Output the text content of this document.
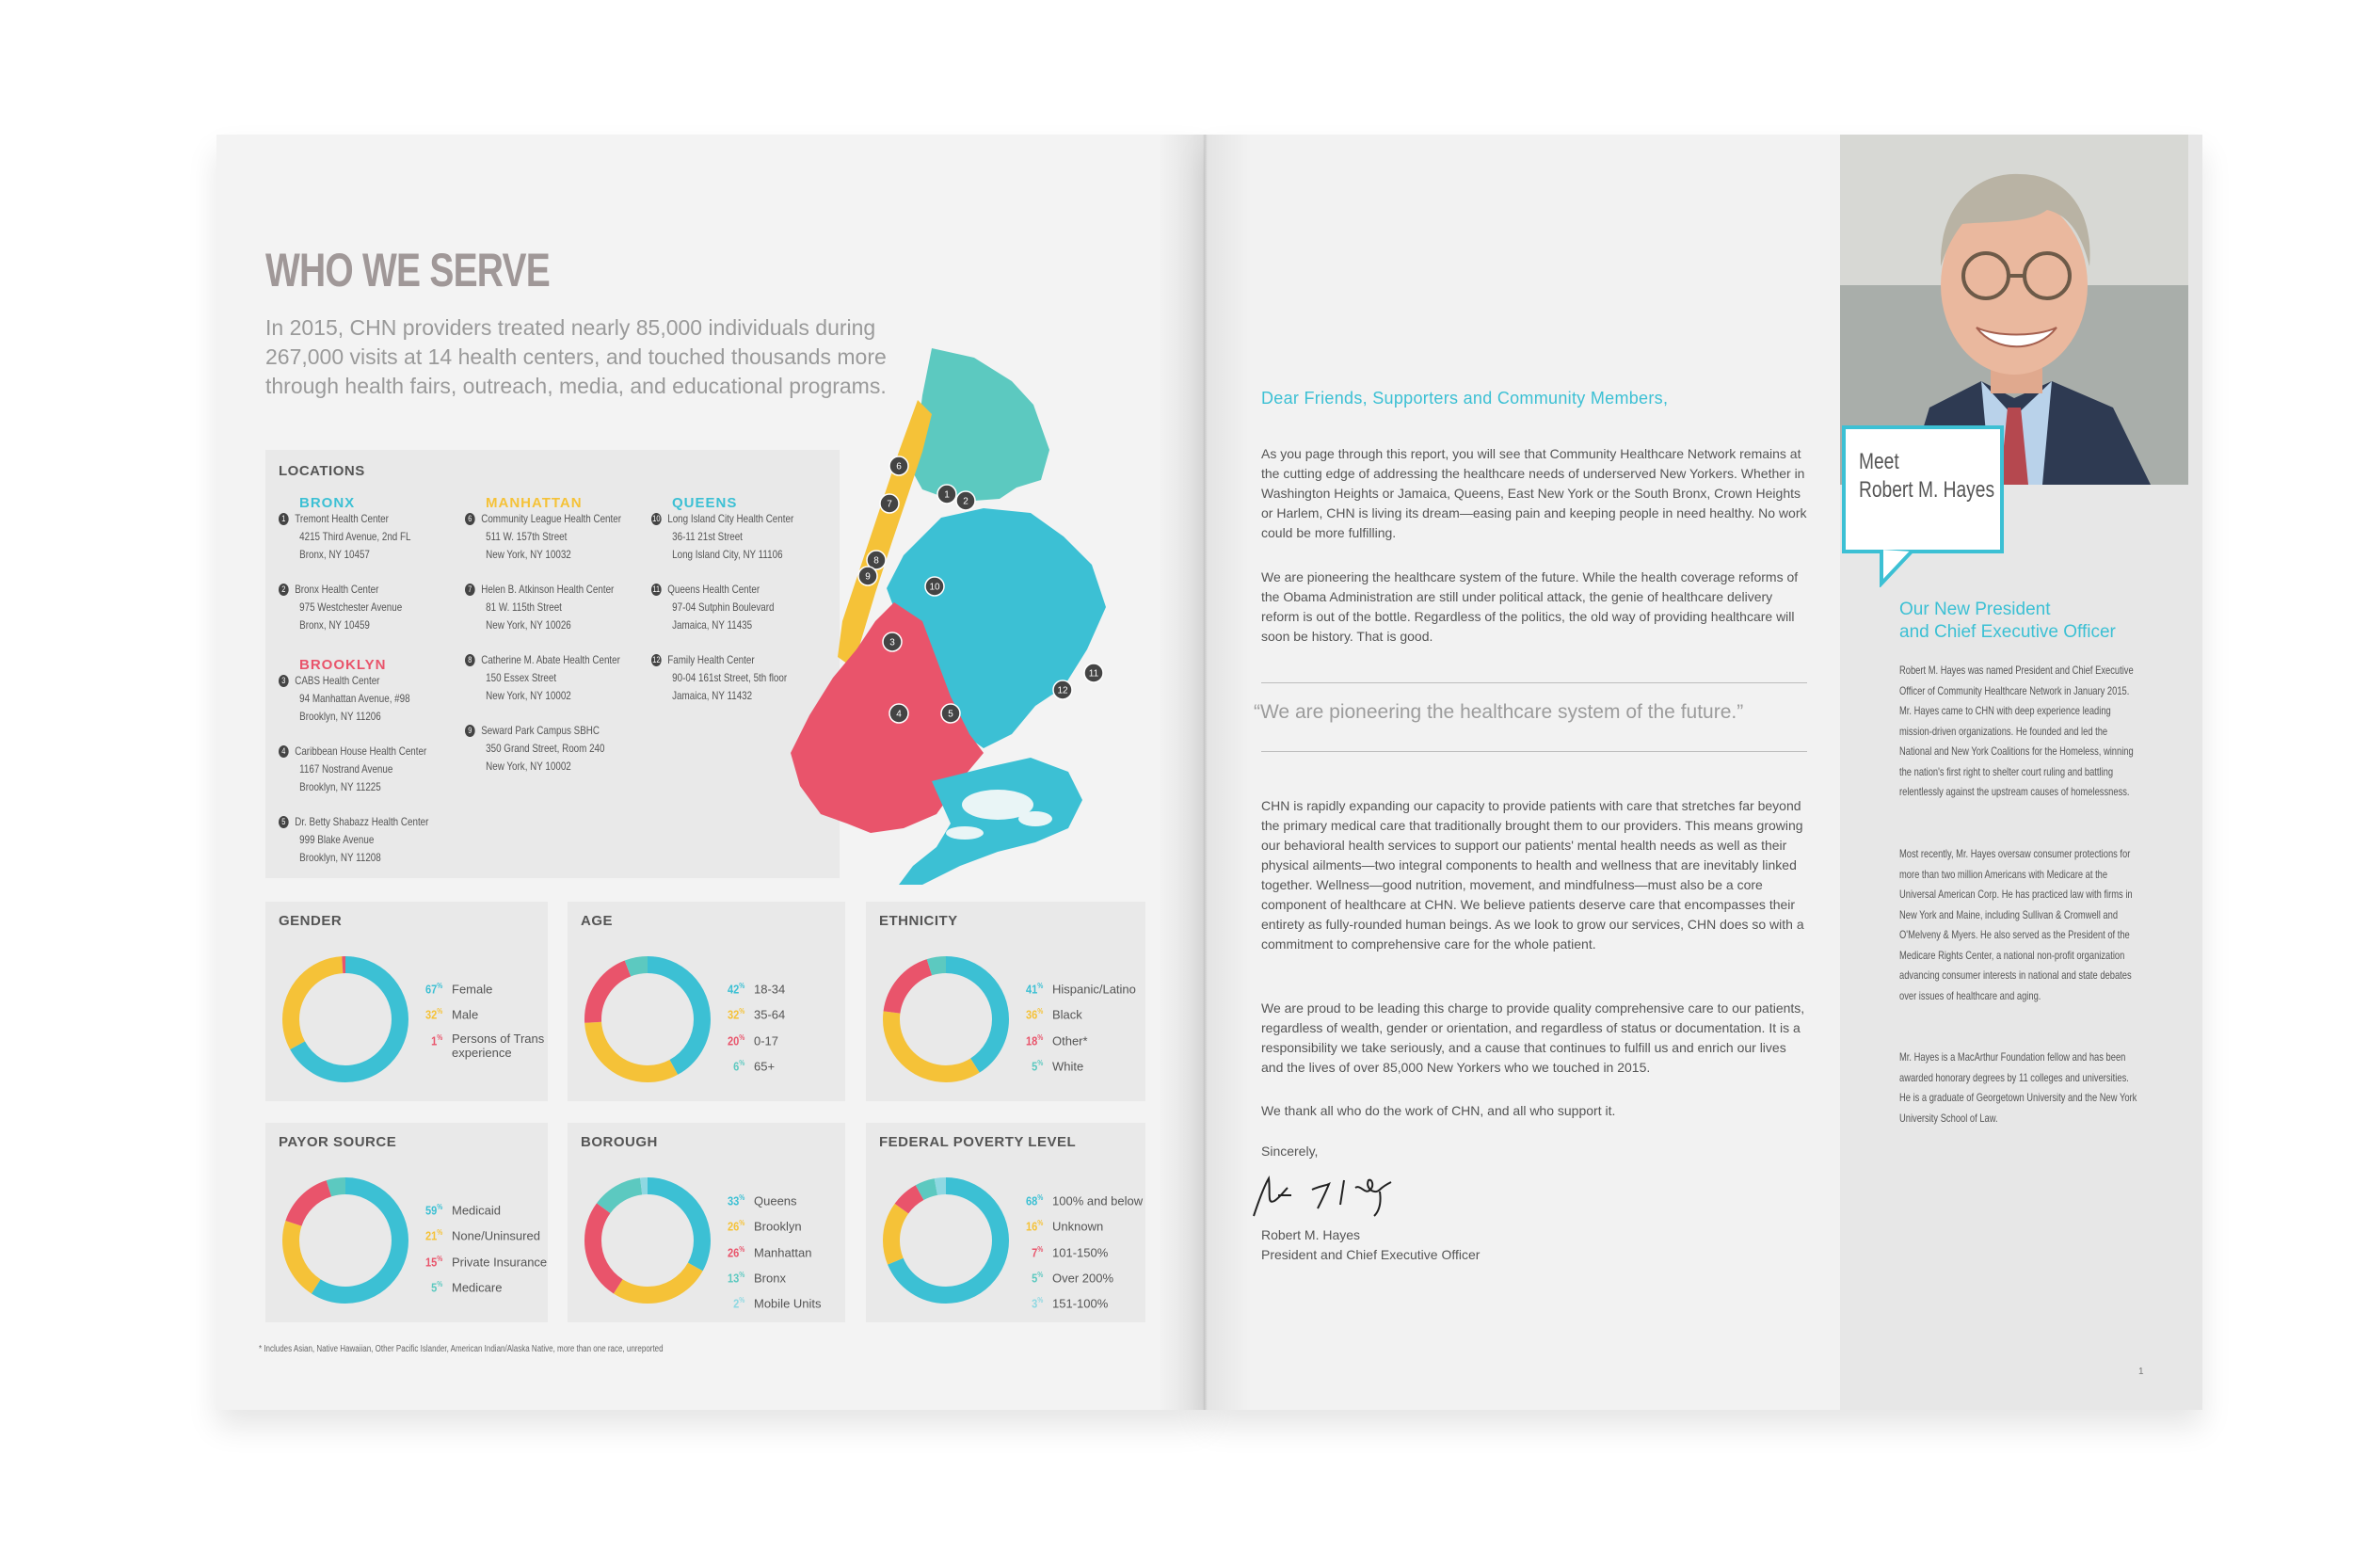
WHO WE SERVE
In 2015, CHN providers treated nearly 85,000 individuals during 267,000 visits at 14 health centers, and touched thousands more through health fairs, outreach, media, and educational programs.
LOCATIONS
BRONX
1 Tremont Health Center
4215 Third Avenue, 2nd FL
Bronx, NY 10457
2 Bronx Health Center
975 Westchester Avenue
Bronx, NY 10459
BROOKLYN
3 CABS Health Center
94 Manhattan Avenue, #98
Brooklyn, NY 11206
4 Caribbean House Health Center
1167 Nostrand Avenue
Brooklyn, NY 11225
5 Dr. Betty Shabazz Health Center
999 Blake Avenue
Brooklyn, NY 11208
MANHATTAN
6 Community League Health Center
511 W. 157th Street
New York, NY 10032
7 Helen B. Atkinson Health Center
81 W. 115th Street
New York, NY 10026
8 Catherine M. Abate Health Center
150 Essex Street
New York, NY 10002
9 Seward Park Campus SBHC
350 Grand Street, Room 240
New York, NY 10002
QUEENS
10 Long Island City Health Center
36-11 21st Street
Long Island City, NY 11106
11 Queens Health Center
97-04 Sutphin Boulevard
Jamaica, NY 11435
12 Family Health Center
90-04 161st Street, 5th floor
Jamaica, NY 11432
1
2
3
4	5
6
7
8
9
10
11
12
GENDER
67% Female
32% Male
1% Persons of Trans experience
AGE
42% 18-34
32% 35-64
20% 0-17
6% 65+
ETHNICITY
41% Hispanic/Latino
36% Black
18% Other*
5% White
PAYOR SOURCE
59% Medicaid
21% None/Uninsured
15% Private Insurance
5% Medicare
BOROUGH
33% Queens
26% Brooklyn
26% Manhattan
13% Bronx
2% Mobile Units
FEDERAL POVERTY LEVEL
68% 100% and below
16% Unknown
7% 101-150%
5% Over 200%
3% 151-100%
* Includes Asian, Native Hawaiian, Other Pacific Islander, American Indian/Alaska Native, more than one race, unreported
Dear Friends, Supporters and Community Members,
As you page through this report, you will see that Community Healthcare Network remains at the cutting edge of addressing the healthcare needs of underserved New Yorkers. Whether in Washington Heights or Jamaica, Queens, East New York or the South Bronx, Crown Heights or Harlem, CHN is living its dream—easing pain and keeping people in need healthy. No work could be more fulfilling.
We are pioneering the healthcare system of the future. While the health coverage reforms of the Obama Administration are still under political attack, the genie of healthcare delivery reform is out of the bottle. Regardless of the politics, the old way of providing healthcare will soon be history. That is good.
“We are pioneering the healthcare system of the future.”
CHN is rapidly expanding our capacity to provide patients with care that stretches far beyond the primary medical care that traditionally brought them to our providers. This means growing our behavioral health services to support our patients' mental health needs as well as their physical ailments—two integral components to health and wellness that are inevitably linked together. Wellness—good nutrition, movement, and mindfulness—must also be a core component of healthcare at CHN. We believe patients deserve care that encompasses their entirety as fully-rounded human beings. As we look to grow our services, CHN does so with a commitment to comprehensive care for the whole patient.
We are proud to be leading this charge to provide quality comprehensive care to our patients, regardless of wealth, gender or orientation, and regardless of status or documentation. It is a responsibility we take seriously, and a cause that continues to fulfill us and enrich our lives and the lives of over 85,000 New Yorkers who we touched in 2015.
We thank all who do the work of CHN, and all who support it.
Sincerely,
Robert M. Hayes
President and Chief Executive Officer
Meet
Robert M. Hayes
Our New President
and Chief Executive Officer
Robert M. Hayes was named President and Chief Executive Officer of Community Healthcare Network in January 2015. Mr. Hayes came to CHN with deep experience leading mission-driven organizations. He founded and led the National and New York Coalitions for the Homeless, winning the nation's first right to shelter court ruling and battling relentlessly against the upstream causes of homelessness.
Most recently, Mr. Hayes oversaw consumer protections for more than two million Americans with Medicare at the Universal American Corp. He has practiced law with firms in New York and Maine, including Sullivan & Cromwell and O'Melveny & Myers. He also served as the President of the Medicare Rights Center, a national non-profit organization advancing consumer interests in national and state debates over issues of healthcare and aging.
Mr. Hayes is a MacArthur Foundation fellow and has been awarded honorary degrees by 11 colleges and universities. He is a graduate of Georgetown University and the New York University School of Law.
1
